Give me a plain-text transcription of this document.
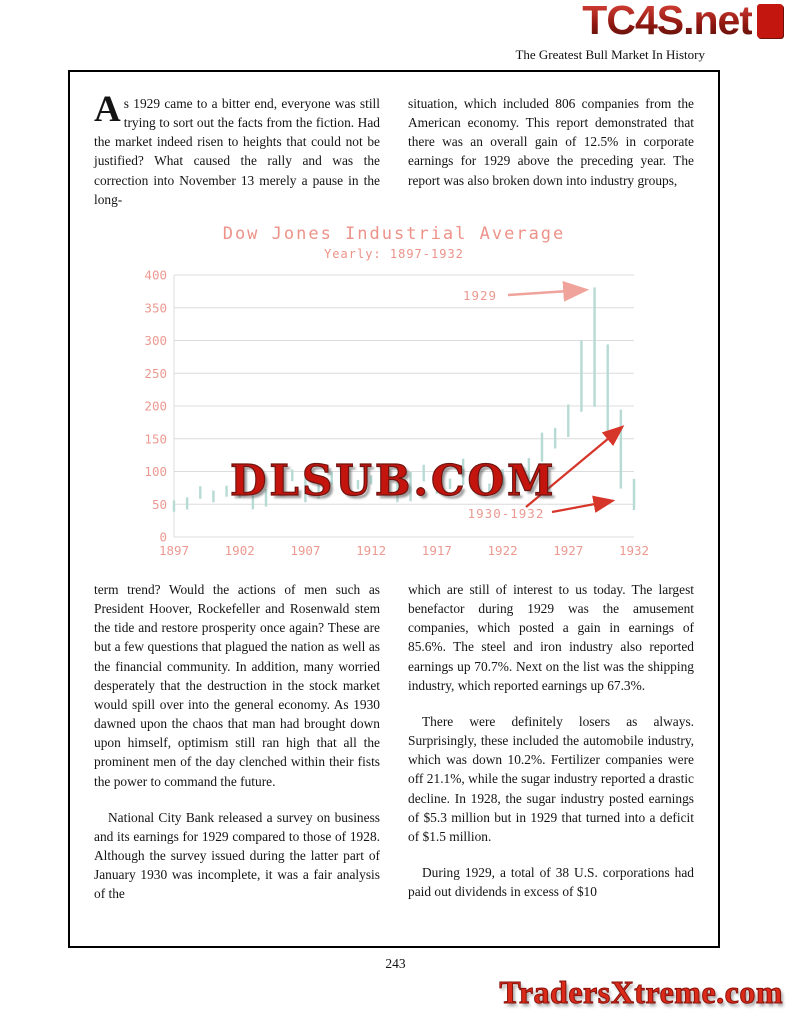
TC4S.net
The Greatest Bull Market In History

As 1929 came to a bitter end, everyone was still trying to sort out the facts from the fiction. Had the market indeed risen to heights that could not be justified? What caused the rally and was the correction into November 13 merely a pause in the long-

situation, which included 806 companies from the American economy. This report demonstrated that there was an overall gain of 12.5% in corporate earnings for 1929 above the preceding year. The report was also broken down into industry groups,

Dow Jones Industrial Average
Yearly: 1897-1932
0
50
100
150
200
250
300
350
400
1897	1902	1907	1912	1917	1922	1927	1932
1929
1930-1932
DLSUB.COM

term trend? Would the actions of men such as President Hoover, Rockefeller and Rosenwald stem the tide and restore prosperity once again? These are but a few questions that plagued the nation as well as the financial community. In addition, many worried desperately that the destruction in the stock market would spill over into the general economy. As 1930 dawned upon the chaos that man had brought down upon himself, optimism still ran high that all the prominent men of the day clenched within their fists the power to command the future.

National City Bank released a survey on business and its earnings for 1929 compared to those of 1928. Although the survey issued during the latter part of January 1930 was incomplete, it was a fair analysis of the

which are still of interest to us today. The largest benefactor during 1929 was the amusement companies, which posted a gain in earnings of 85.6%. The steel and iron industry also reported earnings up 70.7%. Next on the list was the shipping industry, which reported earnings up 67.3%.

There were definitely losers as always. Surprisingly, these included the automobile industry, which was down 10.2%. Fertilizer companies were off 21.1%, while the sugar industry reported a drastic decline. In 1928, the sugar industry posted earnings of $5.3 million but in 1929 that turned into a deficit of $1.5 million.

During 1929, a total of 38 U.S. corporations had paid out dividends in excess of $10

243
TradersXtreme.com
